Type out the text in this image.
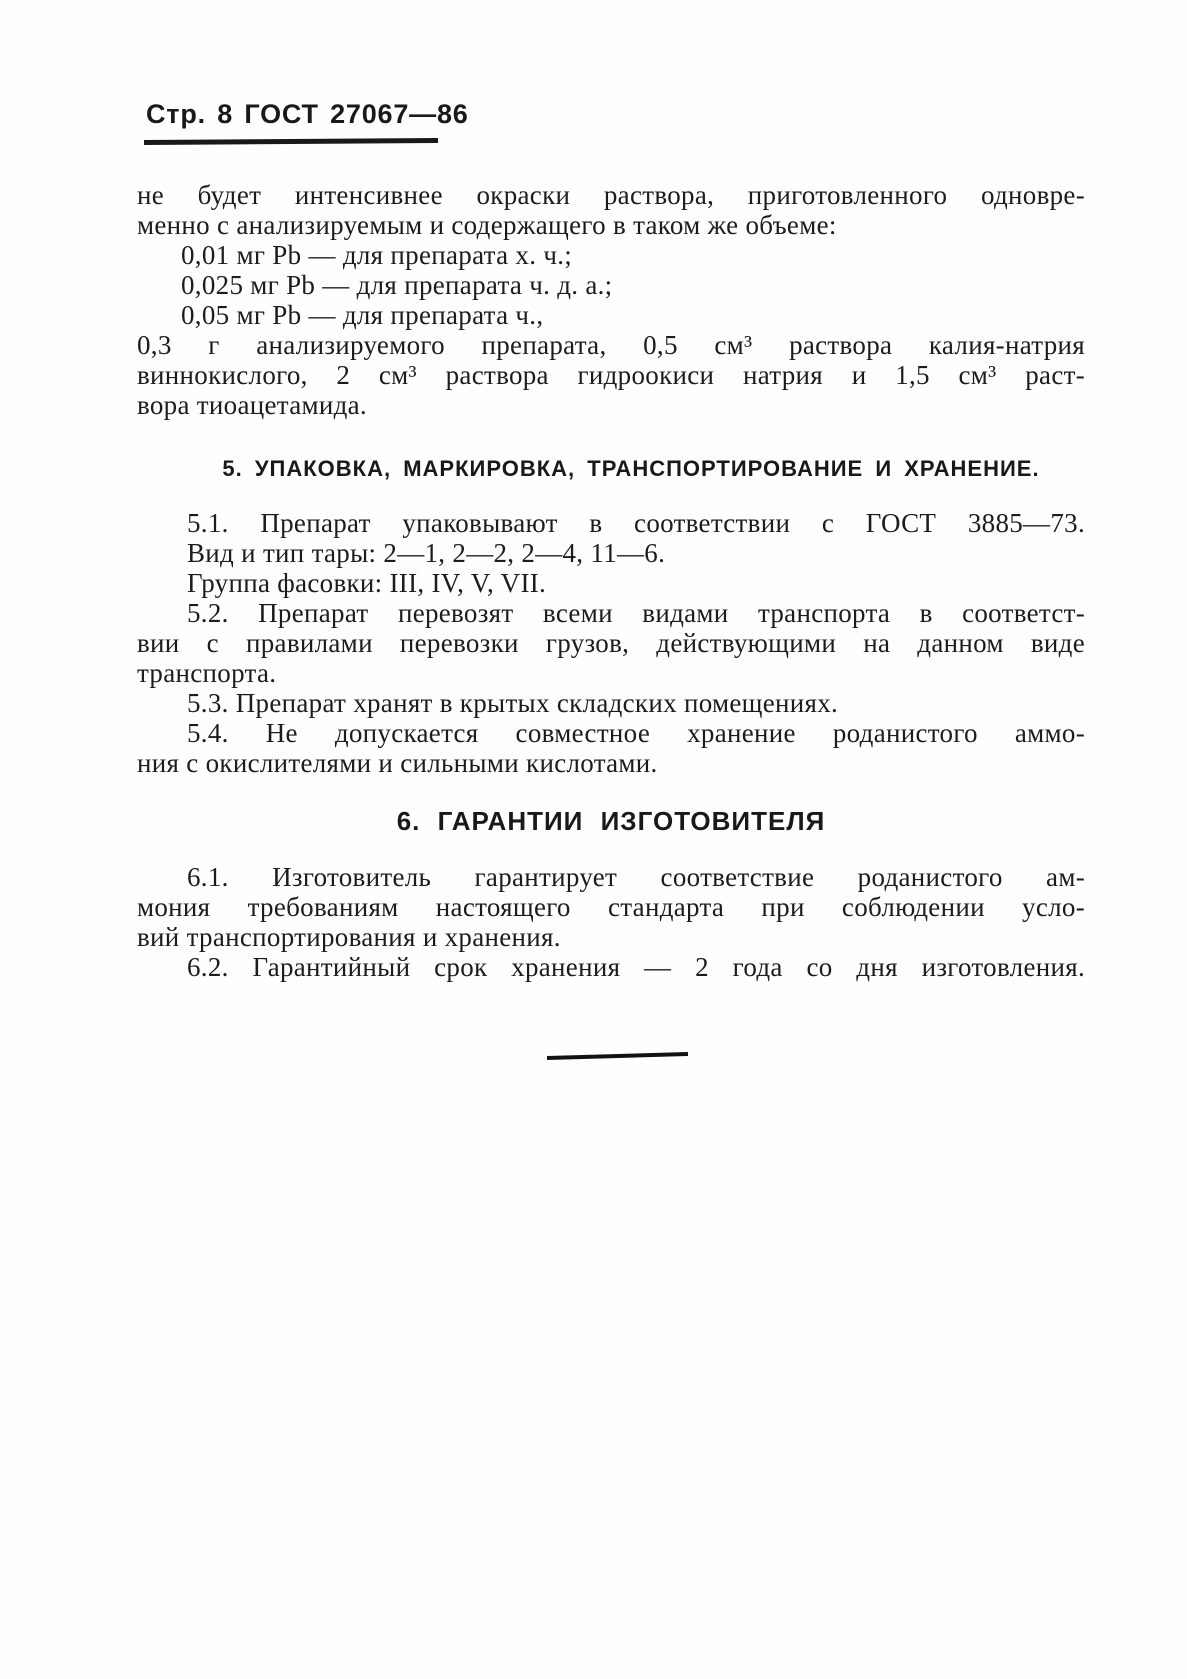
Стр. 8 ГОСТ 27067—86
не будет интенсивнее окраски раствора, приготовленного одновре-
менно с анализируемым и содержащего в таком же объеме:
0,01 мг Pb — для препарата х. ч.;
0,025 мг Pb — для препарата ч. д. а.;
0,05 мг Pb — для препарата ч.,
0,3 г анализируемого препарата, 0,5 см³ раствора калия-натрия
виннокислого, 2 см³ раствора гидроокиси натрия и 1,5 см³ раст-
вора тиоацетамида.
5. УПАКОВКА, МАРКИРОВКА, ТРАНСПОРТИРОВАНИЕ И ХРАНЕНИЕ.
5.1. Препарат упаковывают в соответствии с ГОСТ 3885—73.
Вид и тип тары: 2—1, 2—2, 2—4, 11—6.
Группа фасовки: III, IV, V, VII.
5.2. Препарат перевозят всеми видами транспорта в соответст-
вии с правилами перевозки грузов, действующими на данном виде
транспорта.
5.3. Препарат хранят в крытых складских помещениях.
5.4. Не допускается совместное хранение роданистого аммо-
ния с окислителями и сильными кислотами.
6. ГАРАНТИИ ИЗГОТОВИТЕЛЯ
6.1. Изготовитель гарантирует соответствие роданистого ам-
мония требованиям настоящего стандарта при соблюдении усло-
вий транспортирования и хранения.
6.2. Гарантийный срок хранения — 2 года со дня изготовления.
